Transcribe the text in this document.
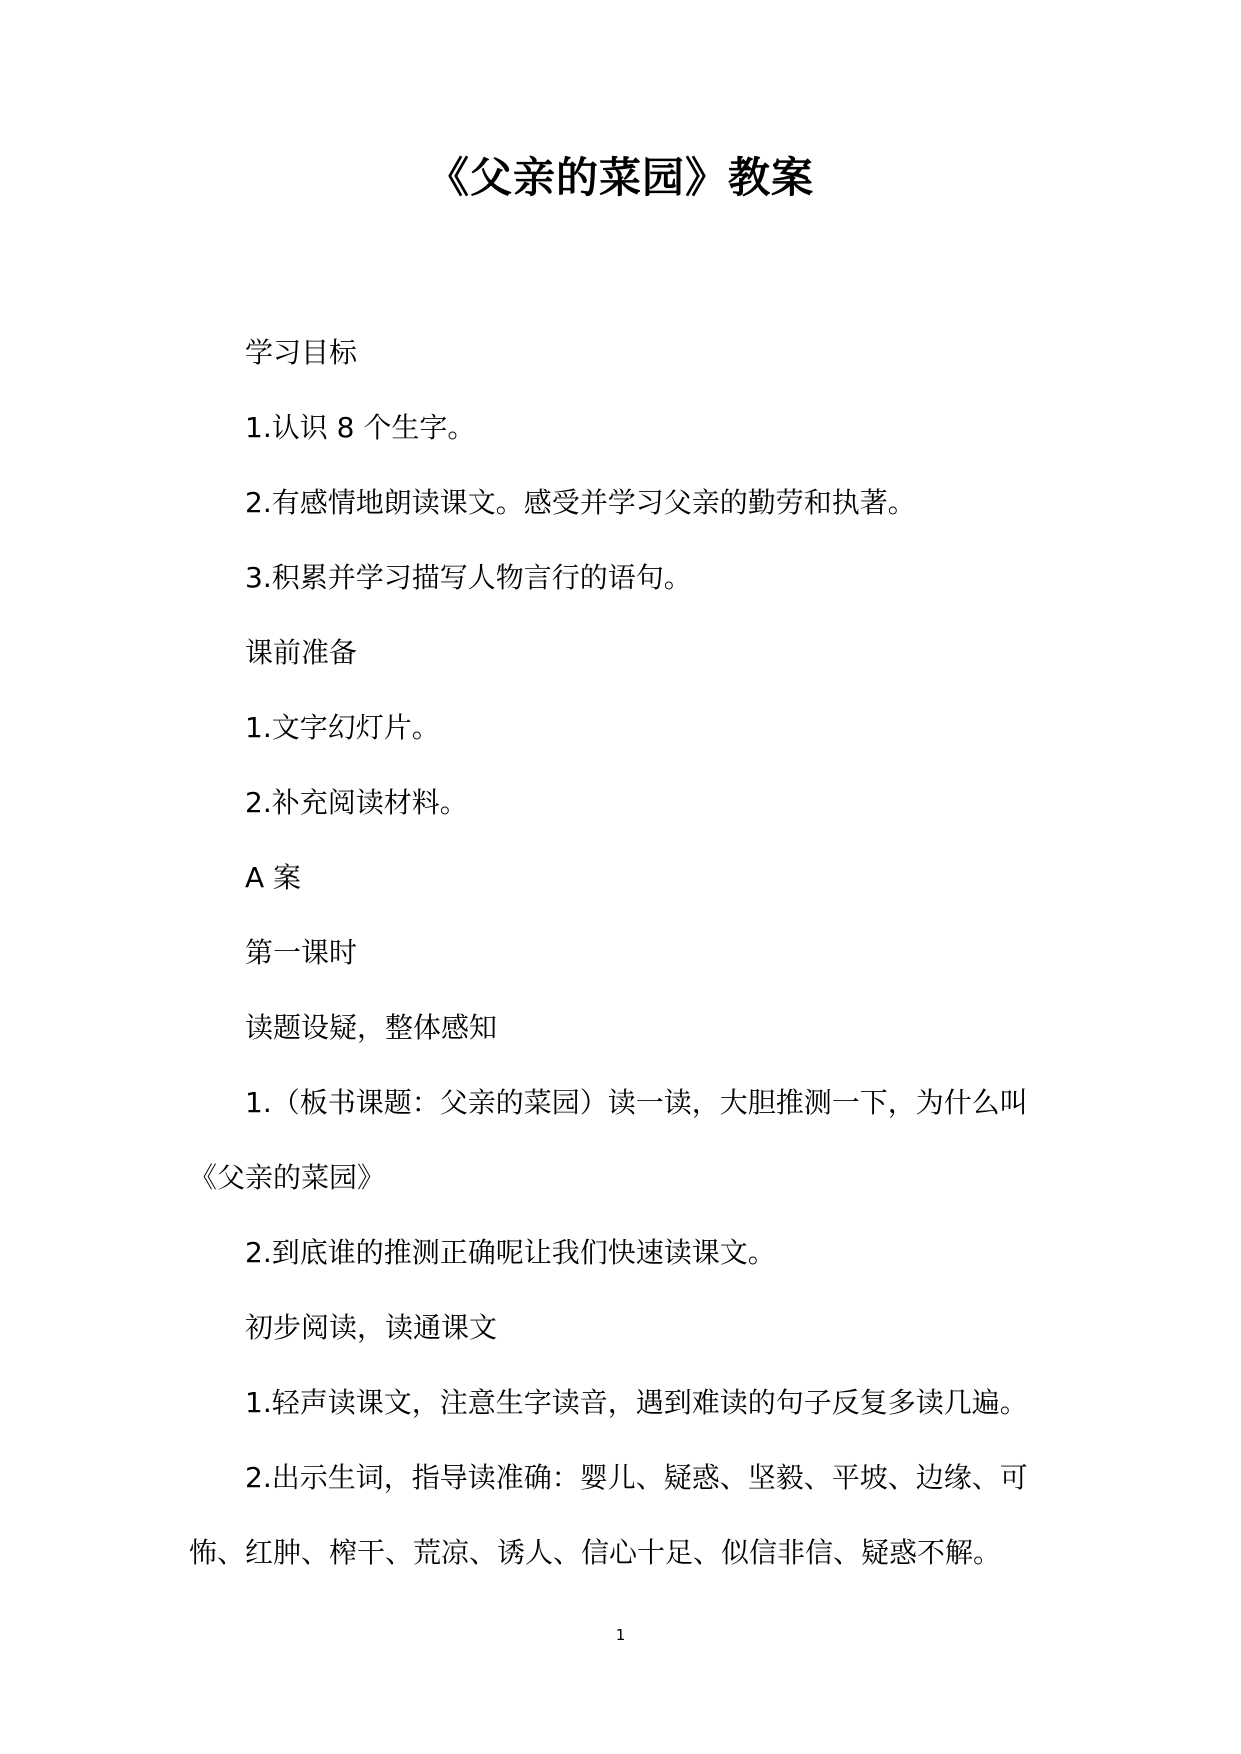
《父亲的菜园》教案
学习目标
1.认识 8 个生字。
2.有感情地朗读课文。感受并学习父亲的勤劳和执著。
3.积累并学习描写人物言行的语句。
课前准备
1.文字幻灯片。
2.补充阅读材料。
A 案
第一课时
读题设疑，整体感知
1.（板书课题：父亲的菜园）读一读，大胆推测一下，为什么叫
《父亲的菜园》
2.到底谁的推测正确呢让我们快速读课文。
初步阅读，读通课文
1.轻声读课文，注意生字读音，遇到难读的句子反复多读几遍。
2.出示生词，指导读准确：婴儿、疑惑、坚毅、平坡、边缘、可
怖、红肿、榨干、荒凉、诱人、信心十足、似信非信、疑惑不解。
1
